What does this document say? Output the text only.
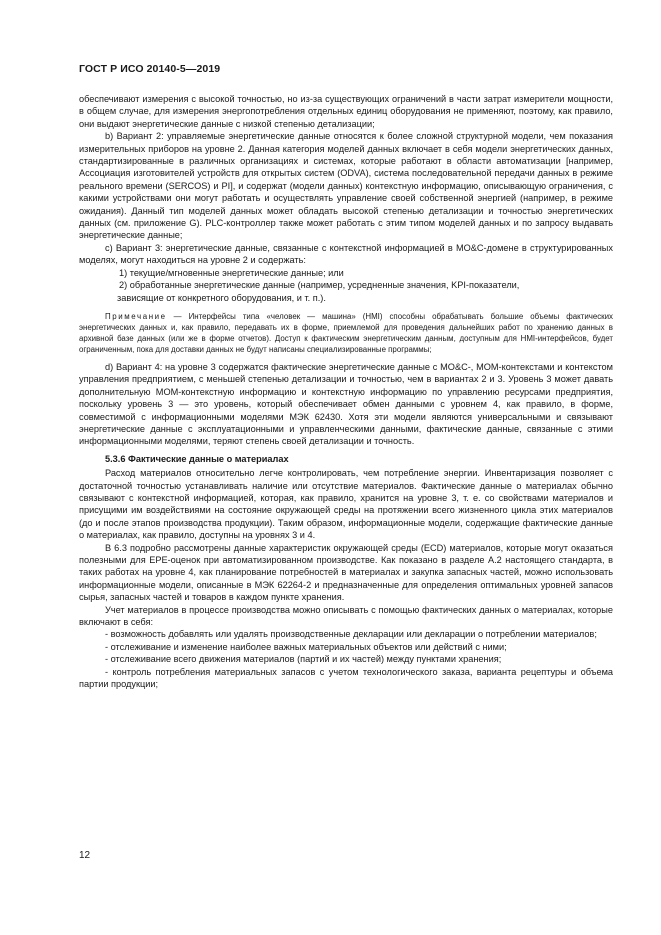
ГОСТ Р ИСО 20140-5—2019

обеспечивают измерения с высокой точностью, но из-за существующих ограничений в части затрат измерители мощности, в общем случае, для измерения энергопотребления отдельных единиц оборудования не применяют, поэтому, как правило, они выдают энергетические данные с низкой степенью детализации;

b) Вариант 2: управляемые энергетические данные относятся к более сложной структурной модели, чем показания измерительных приборов на уровне 2. Данная категория моделей данных включает в себя модели энергетических данных, стандартизированные в различных организациях и системах, которые работают в области автоматизации [например, Ассоциация изготовителей устройств для открытых систем (ODVA), система последовательной передачи данных в режиме реального времени (SERCOS) и PI], и содержат (модели данных) контекстную информацию, описывающую ограничения, с какими устройствами они могут работать и осуществлять управление своей собственной энергией (например, в режиме ожидания). Данный тип моделей данных может обладать высокой степенью детализации и точностью энергетических данных (см. приложение G). PLC-контроллер также может работать с этим типом моделей данных и по запросу выдавать энергетические данные;

c) Вариант 3: энергетические данные, связанные с контекстной информацией в MO&C-домене в структурированных моделях, могут находиться на уровне 2 и содержать:

1) текущие/мгновенные энергетические данные; или

2) обработанные энергетические данные (например, усредненные значения, KPI-показатели,

зависящие от конкретного оборудования, и т. п.).

Примечание — Интерфейсы типа «человек — машина» (HMI) способны обрабатывать большие объемы фактических энергетических данных и, как правило, передавать их в форме, приемлемой для проведения дальнейших работ по хранению данных в архивной базе данных (или же в форме отчетов). Доступ к фактическим энергетическим данным, доступным для HMI-интерфейсов, будет ограниченным, пока для доставки данных не будут написаны специализированные программы;

d) Вариант 4: на уровне 3 содержатся фактические энергетические данные с MO&C-, MOM-контекстами и контекстом управления предприятием, с меньшей степенью детализации и точностью, чем в вариантах 2 и 3. Уровень 3 может давать дополнительную MOM-контекстную информацию и контекстную информацию по управлению ресурсами предприятия, поскольку уровень 3 — это уровень, который обеспечивает обмен данными с уровнем 4, как правило, в форме, совместимой с информационными моделями МЭК 62430. Хотя эти модели являются универсальными и связывают энергетические данные с эксплуатационными и управленческими данными, фактические данные, связанные с этими информационными моделями, теряют степень своей детализации и точность.

5.3.6 Фактические данные о материалах

Расход материалов относительно легче контролировать, чем потребление энергии. Инвентаризация позволяет с достаточной точностью устанавливать наличие или отсутствие материалов. Фактические данные о материалах обычно связывают с контекстной информацией, которая, как правило, хранится на уровне 3, т. е. со свойствами материалов и присущими им воздействиями на состояние окружающей среды на протяжении всего жизненного цикла этих материалов (до и после этапов производства продукции). Таким образом, информационные модели, содержащие фактические данные о материалах, как правило, доступны на уровнях 3 и 4.

В 6.3 подробно рассмотрены данные характеристик окружающей среды (ECD) материалов, которые могут оказаться полезными для EPE-оценок при автоматизированном производстве. Как показано в разделе А.2 настоящего стандарта, в таких работах на уровне 4, как планирование потребностей в материалах и закупка запасных частей, можно использовать информационные модели, описанные в МЭК 62264-2 и предназначенные для определения оптимальных уровней запасов сырья, запасных частей и товаров в каждом пункте хранения.

Учет материалов в процессе производства можно описывать с помощью фактических данных о материалах, которые включают в себя:

- возможность добавлять или удалять производственные декларации или декларации о потреблении материалов;

- отслеживание и изменение наиболее важных материальных объектов или действий с ними;

- отслеживание всего движения материалов (партий и их частей) между пунктами хранения;

- контроль потребления материальных запасов с учетом технологического заказа, варианта рецептуры и объема партии продукции;

12
